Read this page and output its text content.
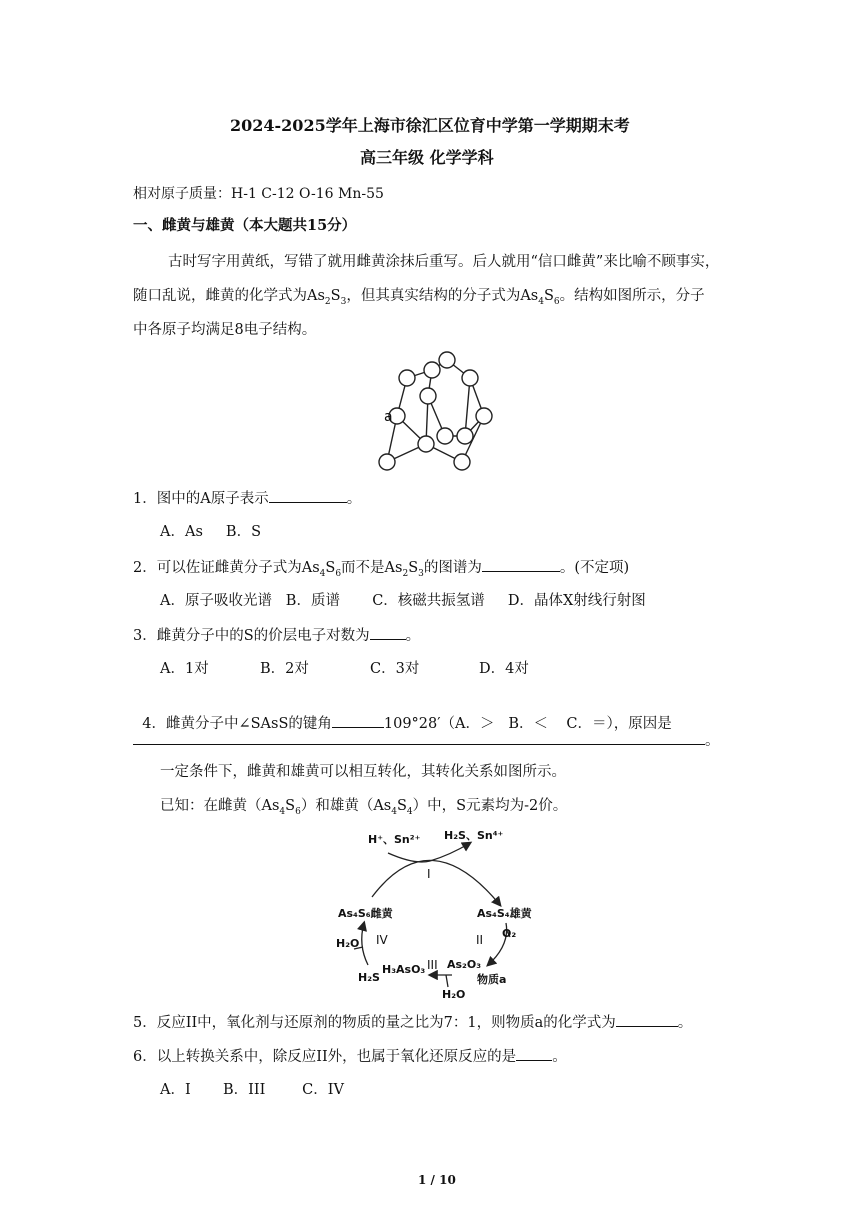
2024-2025学年上海市徐汇区位育中学第一学期期末考
高三年级 化学学科
相对原子质量：H-1 C-12 O-16 Mn-55
一、雌黄与雄黄（本大题共15分）
古时写字用黄纸，写错了就用雌黄涂抹后重写。后人就用“信口雌黄”来比喻不顾事实，
随口乱说，雌黄的化学式为$As_2S_3$，但其真实结构的分子式为$As_4S_6$。结构如图所示，分子
中各原子均满足8电子结构。
a
1．图中的A原子表示	。
A．As     B．S
2．可以佐证雌黄分子式为$As_4S_6$而不是$As_2S_3$的图谱为	。(不定项)
A．原子吸收光谱   B．质谱       C．核磁共振氢谱     D．晶体X射线行射图
3．雌黄分子中的S的价层电子对数为 。
A．1对	B．2对	C．3对	D．4对

4．雌黄分子中∠SAsS的键角	109°28′（A．＞   B．＜    C．＝），原因是

。
一定条件下，雌黄和雄黄可以相互转化，其转化关系如图所示。
已知：在雌黄$(As_4S_6)$和雄黄$(As_4S_4)$中，S元素均为-2价。
H⁺、Sn²⁺ H₂S、Sn⁴⁺
I
As₄S₆雌黄	As₄S₄雄黄
O₂
IV	II
H₂O
III
H₃AsO₃ As₂O₃
H₂S	物质a
H₂O
5．反应II中，氧化剂与还原剂的物质的量之比为7：1，则物质a的化学式为	。
6．以上转换关系中，除反应II外，也属于氧化还原反应的是 。
A．I       B．III        C．IV
1 / 10
